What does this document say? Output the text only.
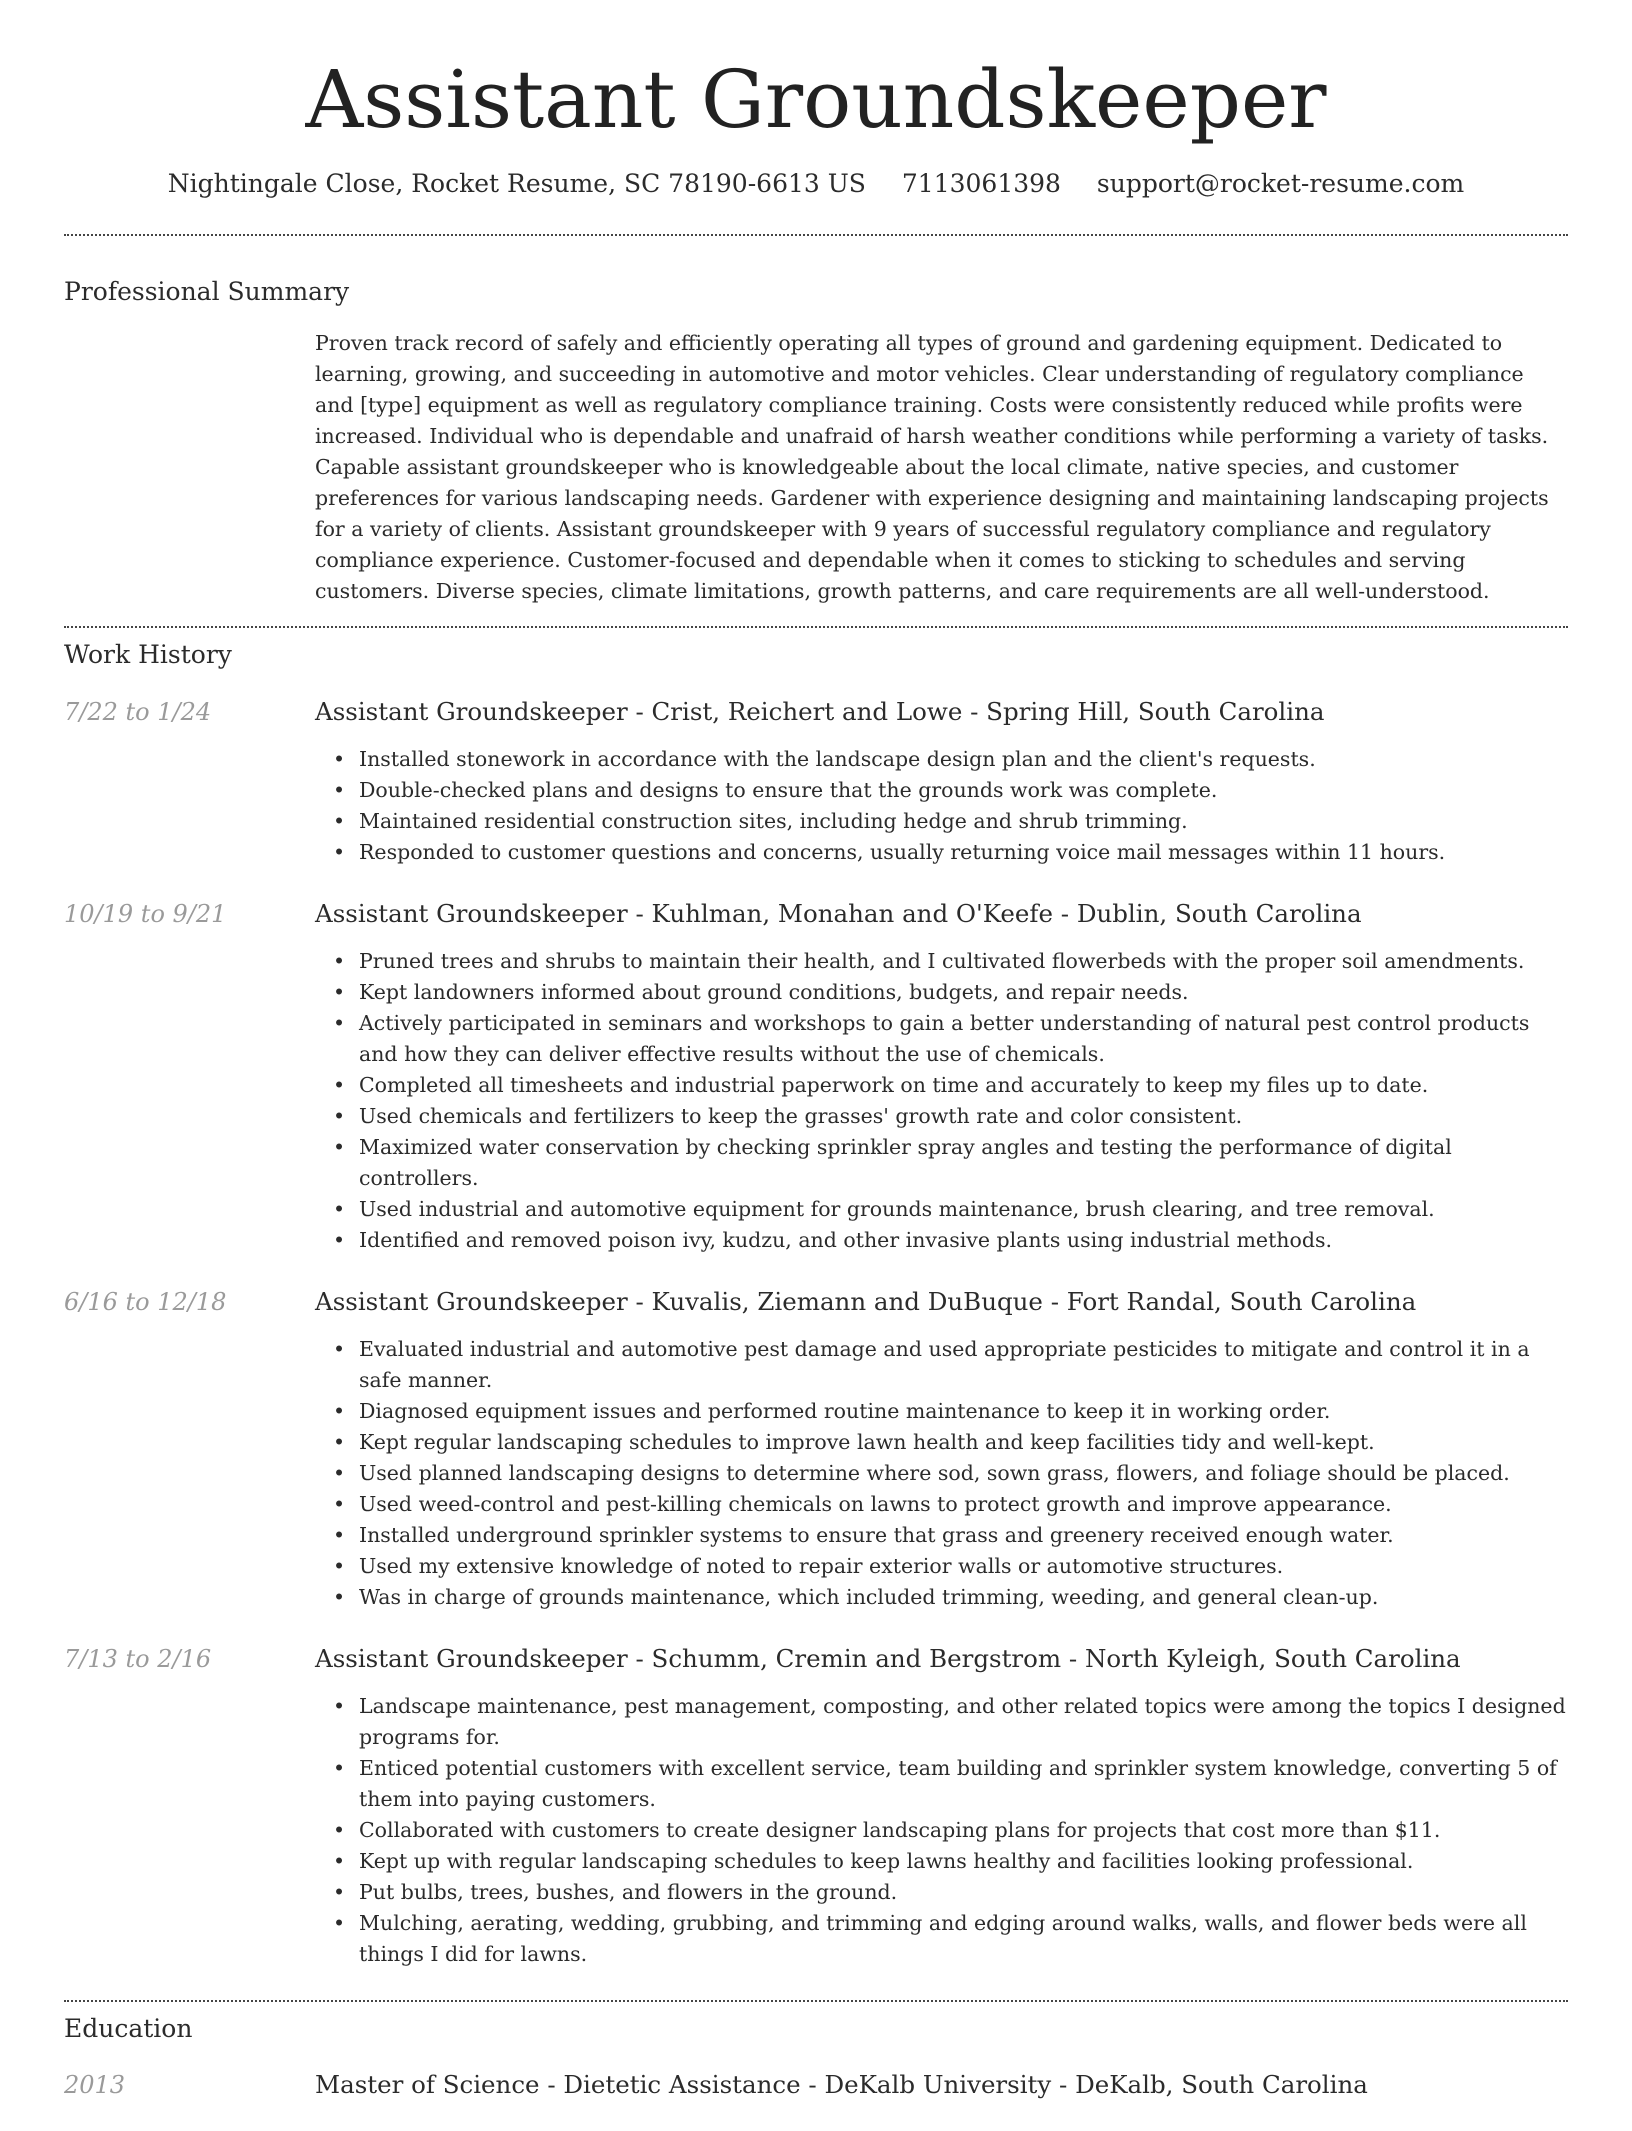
Assistant Groundskeeper
Nightingale Close, Rocket Resume, SC 78190-6613 US 7113061398 support@rocket-resume.com
Professional Summary
Proven track record of safely and efficiently operating all types of ground and gardening equipment. Dedicated to learning, growing, and succeeding in automotive and motor vehicles. Clear understanding of regulatory compliance and [type] equipment as well as regulatory compliance training. Costs were consistently reduced while profits were increased. Individual who is dependable and unafraid of harsh weather conditions while performing a variety of tasks. Capable assistant groundskeeper who is knowledgeable about the local climate, native species, and customer preferences for various landscaping needs. Gardener with experience designing and maintaining landscaping projects for a variety of clients. Assistant groundskeeper with 9 years of successful regulatory compliance and regulatory compliance experience. Customer-focused and dependable when it comes to sticking to schedules and serving customers. Diverse species, climate limitations, growth patterns, and care requirements are all well-understood.
Work History
7/22 to 1/24	Assistant Groundskeeper - Crist, Reichert and Lowe - Spring Hill, South Carolina
• Installed stonework in accordance with the landscape design plan and the client's requests.
• Double-checked plans and designs to ensure that the grounds work was complete.
• Maintained residential construction sites, including hedge and shrub trimming.
• Responded to customer questions and concerns, usually returning voice mail messages within 11 hours.
10/19 to 9/21	Assistant Groundskeeper - Kuhlman, Monahan and O'Keefe - Dublin, South Carolina
• Pruned trees and shrubs to maintain their health, and I cultivated flowerbeds with the proper soil amendments.
• Kept landowners informed about ground conditions, budgets, and repair needs.
• Actively participated in seminars and workshops to gain a better understanding of natural pest control products and how they can deliver effective results without the use of chemicals.
• Completed all timesheets and industrial paperwork on time and accurately to keep my files up to date.
• Used chemicals and fertilizers to keep the grasses' growth rate and color consistent.
• Maximized water conservation by checking sprinkler spray angles and testing the performance of digital controllers.
• Used industrial and automotive equipment for grounds maintenance, brush clearing, and tree removal.
• Identified and removed poison ivy, kudzu, and other invasive plants using industrial methods.
6/16 to 12/18	Assistant Groundskeeper - Kuvalis, Ziemann and DuBuque - Fort Randal, South Carolina
• Evaluated industrial and automotive pest damage and used appropriate pesticides to mitigate and control it in a safe manner.
• Diagnosed equipment issues and performed routine maintenance to keep it in working order.
• Kept regular landscaping schedules to improve lawn health and keep facilities tidy and well-kept.
• Used planned landscaping designs to determine where sod, sown grass, flowers, and foliage should be placed.
• Used weed-control and pest-killing chemicals on lawns to protect growth and improve appearance.
• Installed underground sprinkler systems to ensure that grass and greenery received enough water.
• Used my extensive knowledge of noted to repair exterior walls or automotive structures.
• Was in charge of grounds maintenance, which included trimming, weeding, and general clean-up.
7/13 to 2/16	Assistant Groundskeeper - Schumm, Cremin and Bergstrom - North Kyleigh, South Carolina
• Landscape maintenance, pest management, composting, and other related topics were among the topics I designed programs for.
• Enticed potential customers with excellent service, team building and sprinkler system knowledge, converting 5 of them into paying customers.
• Collaborated with customers to create designer landscaping plans for projects that cost more than $11.
• Kept up with regular landscaping schedules to keep lawns healthy and facilities looking professional.
• Put bulbs, trees, bushes, and flowers in the ground.
• Mulching, aerating, wedding, grubbing, and trimming and edging around walks, walls, and flower beds were all things I did for lawns.
Education
2013	Master of Science - Dietetic Assistance - DeKalb University - DeKalb, South Carolina
